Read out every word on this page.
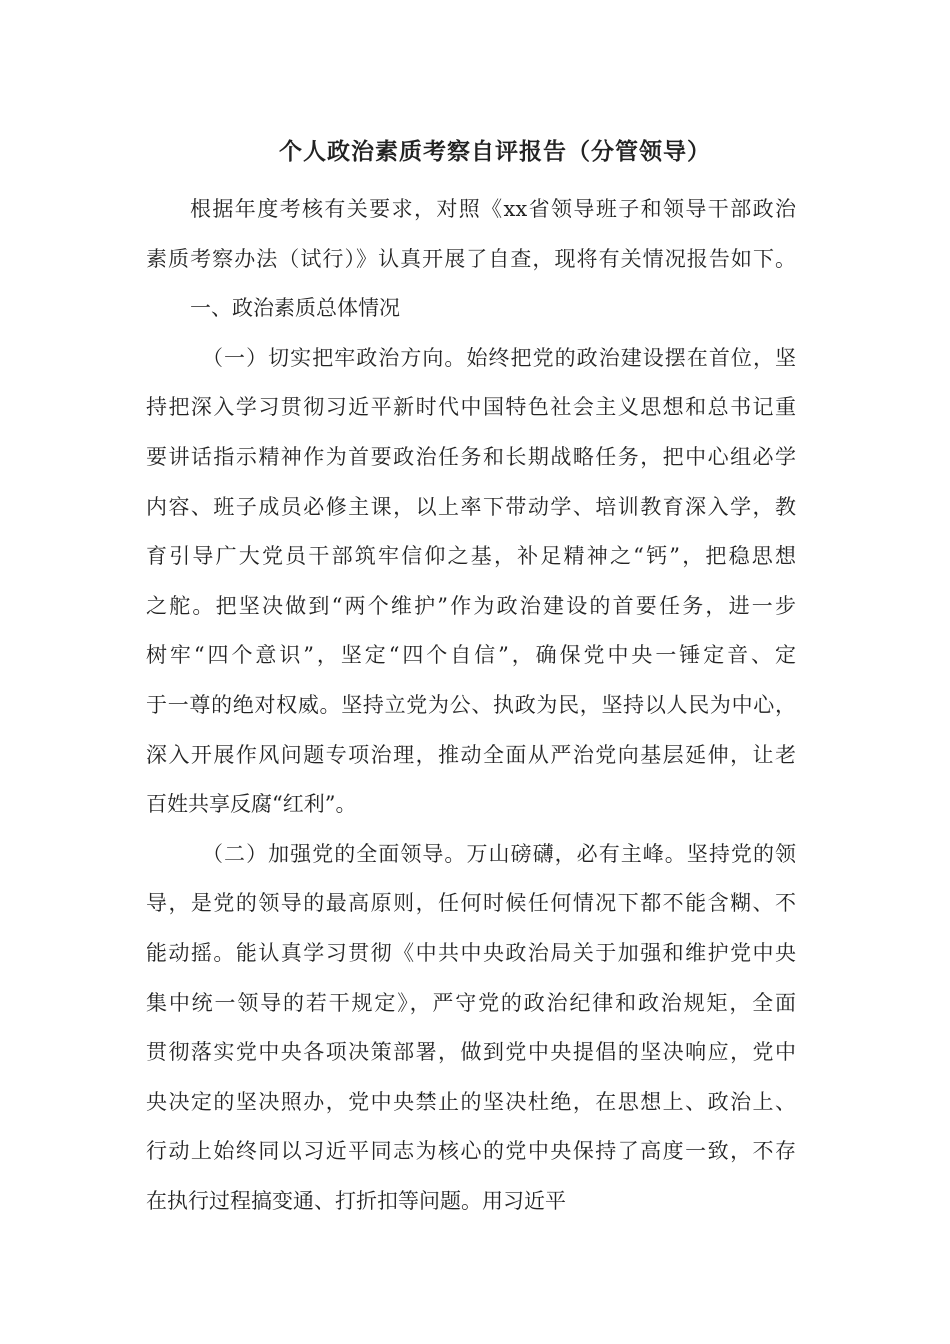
个人政治素质考察自评报告（分管领导）
根据年度考核有关要求，对照《xx省领导班子和领导干部政治
素质考察办法（试行）》认真开展了自查，现将有关情况报告如下。
一、政治素质总体情况
（一）切实把牢政治方向。始终把党的政治建设摆在首位，坚
持把深入学习贯彻习近平新时代中国特色社会主义思想和总书记重
要讲话指示精神作为首要政治任务和长期战略任务，把中心组必学
内容、班子成员必修主课，以上率下带动学、培训教育深入学，教
育引导广大党员干部筑牢信仰之基，补足精神之“钙”，把稳思想
之舵。把坚决做到“两个维护”作为政治建设的首要任务，进一步
树牢“四个意识”，坚定“四个自信”，确保党中央一锤定音、定
于一尊的绝对权威。坚持立党为公、执政为民，坚持以人民为中心，
深入开展作风问题专项治理，推动全面从严治党向基层延伸，让老
百姓共享反腐“红利”。
（二）加强党的全面领导。万山磅礴，必有主峰。坚持党的领
导，是党的领导的最高原则，任何时候任何情况下都不能含糊、不
能动摇。能认真学习贯彻《中共中央政治局关于加强和维护党中央
集中统一领导的若干规定》，严守党的政治纪律和政治规矩，全面
贯彻落实党中央各项决策部署，做到党中央提倡的坚决响应，党中
央决定的坚决照办，党中央禁止的坚决杜绝，在思想上、政治上、
行动上始终同以习近平同志为核心的党中央保持了高度一致，不存
在执行过程搞变通、打折扣等问题。用习近平
